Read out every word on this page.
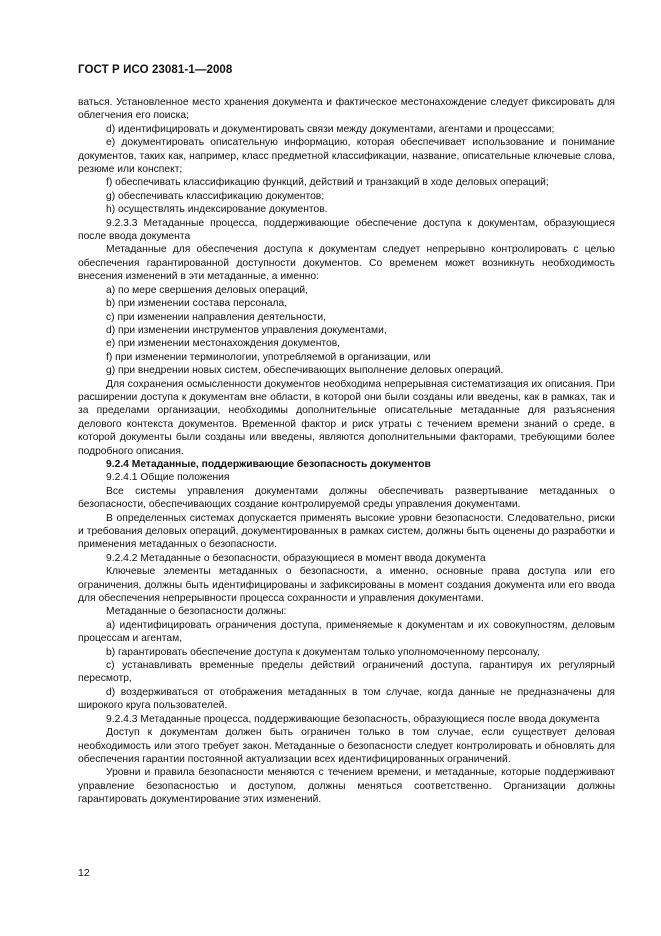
ГОСТ Р ИСО 23081-1—2008

ваться. Установленное место хранения документа и фактическое местонахождение следует фиксировать для облегчения его поиска;

d) идентифицировать и документировать связи между документами, агентами и процессами;

e) документировать описательную информацию, которая обеспечивает использование и понимание документов, таких как, например, класс предметной классификации, название, описательные ключевые слова, резюме или конспект;

f) обеспечивать классификацию функций, действий и транзакций в ходе деловых операций;

g) обеспечивать классификацию документов;

h) осуществлять индексирование документов.

9.2.3.3 Метаданные процесса, поддерживающие обеспечение доступа к документам, образующиеся после ввода документа

Метаданные для обеспечения доступа к документам следует непрерывно контролировать с целью обеспечения гарантированной доступности документов. Со временем может возникнуть необходимость внесения изменений в эти метаданные, а именно:

a) по мере свершения деловых операций,

b) при изменении состава персонала,

c) при изменении направления деятельности,

d) при изменении инструментов управления документами,

e) при изменении местонахождения документов,

f) при изменении терминологии, употребляемой в организации, или

g) при внедрении новых систем, обеспечивающих выполнение деловых операций.

Для сохранения осмысленности документов необходима непрерывная систематизация их описания. При расширении доступа к документам вне области, в которой они были созданы или введены, как в рамках, так и за пределами организации, необходимы дополнительные описательные метаданные для разъяснения делового контекста документов. Временной фактор и риск утраты с течением времени знаний о среде, в которой документы были созданы или введены, являются дополнительными факторами, требующими более подробного описания.

9.2.4 Метаданные, поддерживающие безопасность документов

9.2.4.1 Общие положения

Все системы управления документами должны обеспечивать развертывание метаданных о безопасности, обеспечивающих создание контролируемой среды управления документами.

В определенных системах допускается применять высокие уровни безопасности. Следовательно, риски и требования деловых операций, документированных в рамках систем, должны быть оценены до разработки и применения метаданных о безопасности.

9.2.4.2 Метаданные о безопасности, образующиеся в момент ввода документа

Ключевые элементы метаданных о безопасности, а именно, основные права доступа или его ограничения, должны быть идентифицированы и зафиксированы в момент создания документа или его ввода для обеспечения непрерывности процесса сохранности и управления документами.

Метаданные о безопасности должны:

a) идентифицировать ограничения доступа, применяемые к документам и их совокупностям, деловым процессам и агентам,

b) гарантировать обеспечение доступа к документам только уполномоченному персоналу,

c) устанавливать временные пределы действий ограничений доступа, гарантируя их регулярный пересмотр,

d) воздерживаться от отображения метаданных в том случае, когда данные не предназначены для широкого круга пользователей.

9.2.4.3 Метаданные процесса, поддерживающие безопасность, образующиеся после ввода документа

Доступ к документам должен быть ограничен только в том случае, если существует деловая необходимость или этого требует закон. Метаданные о безопасности следует контролировать и обновлять для обеспечения гарантии постоянной актуализации всех идентифицированных ограничений.

Уровни и правила безопасности меняются с течением времени, и метаданные, которые поддерживают управление безопасностью и доступом, должны меняться соответственно. Организации должны гарантировать документирование этих изменений.

12
